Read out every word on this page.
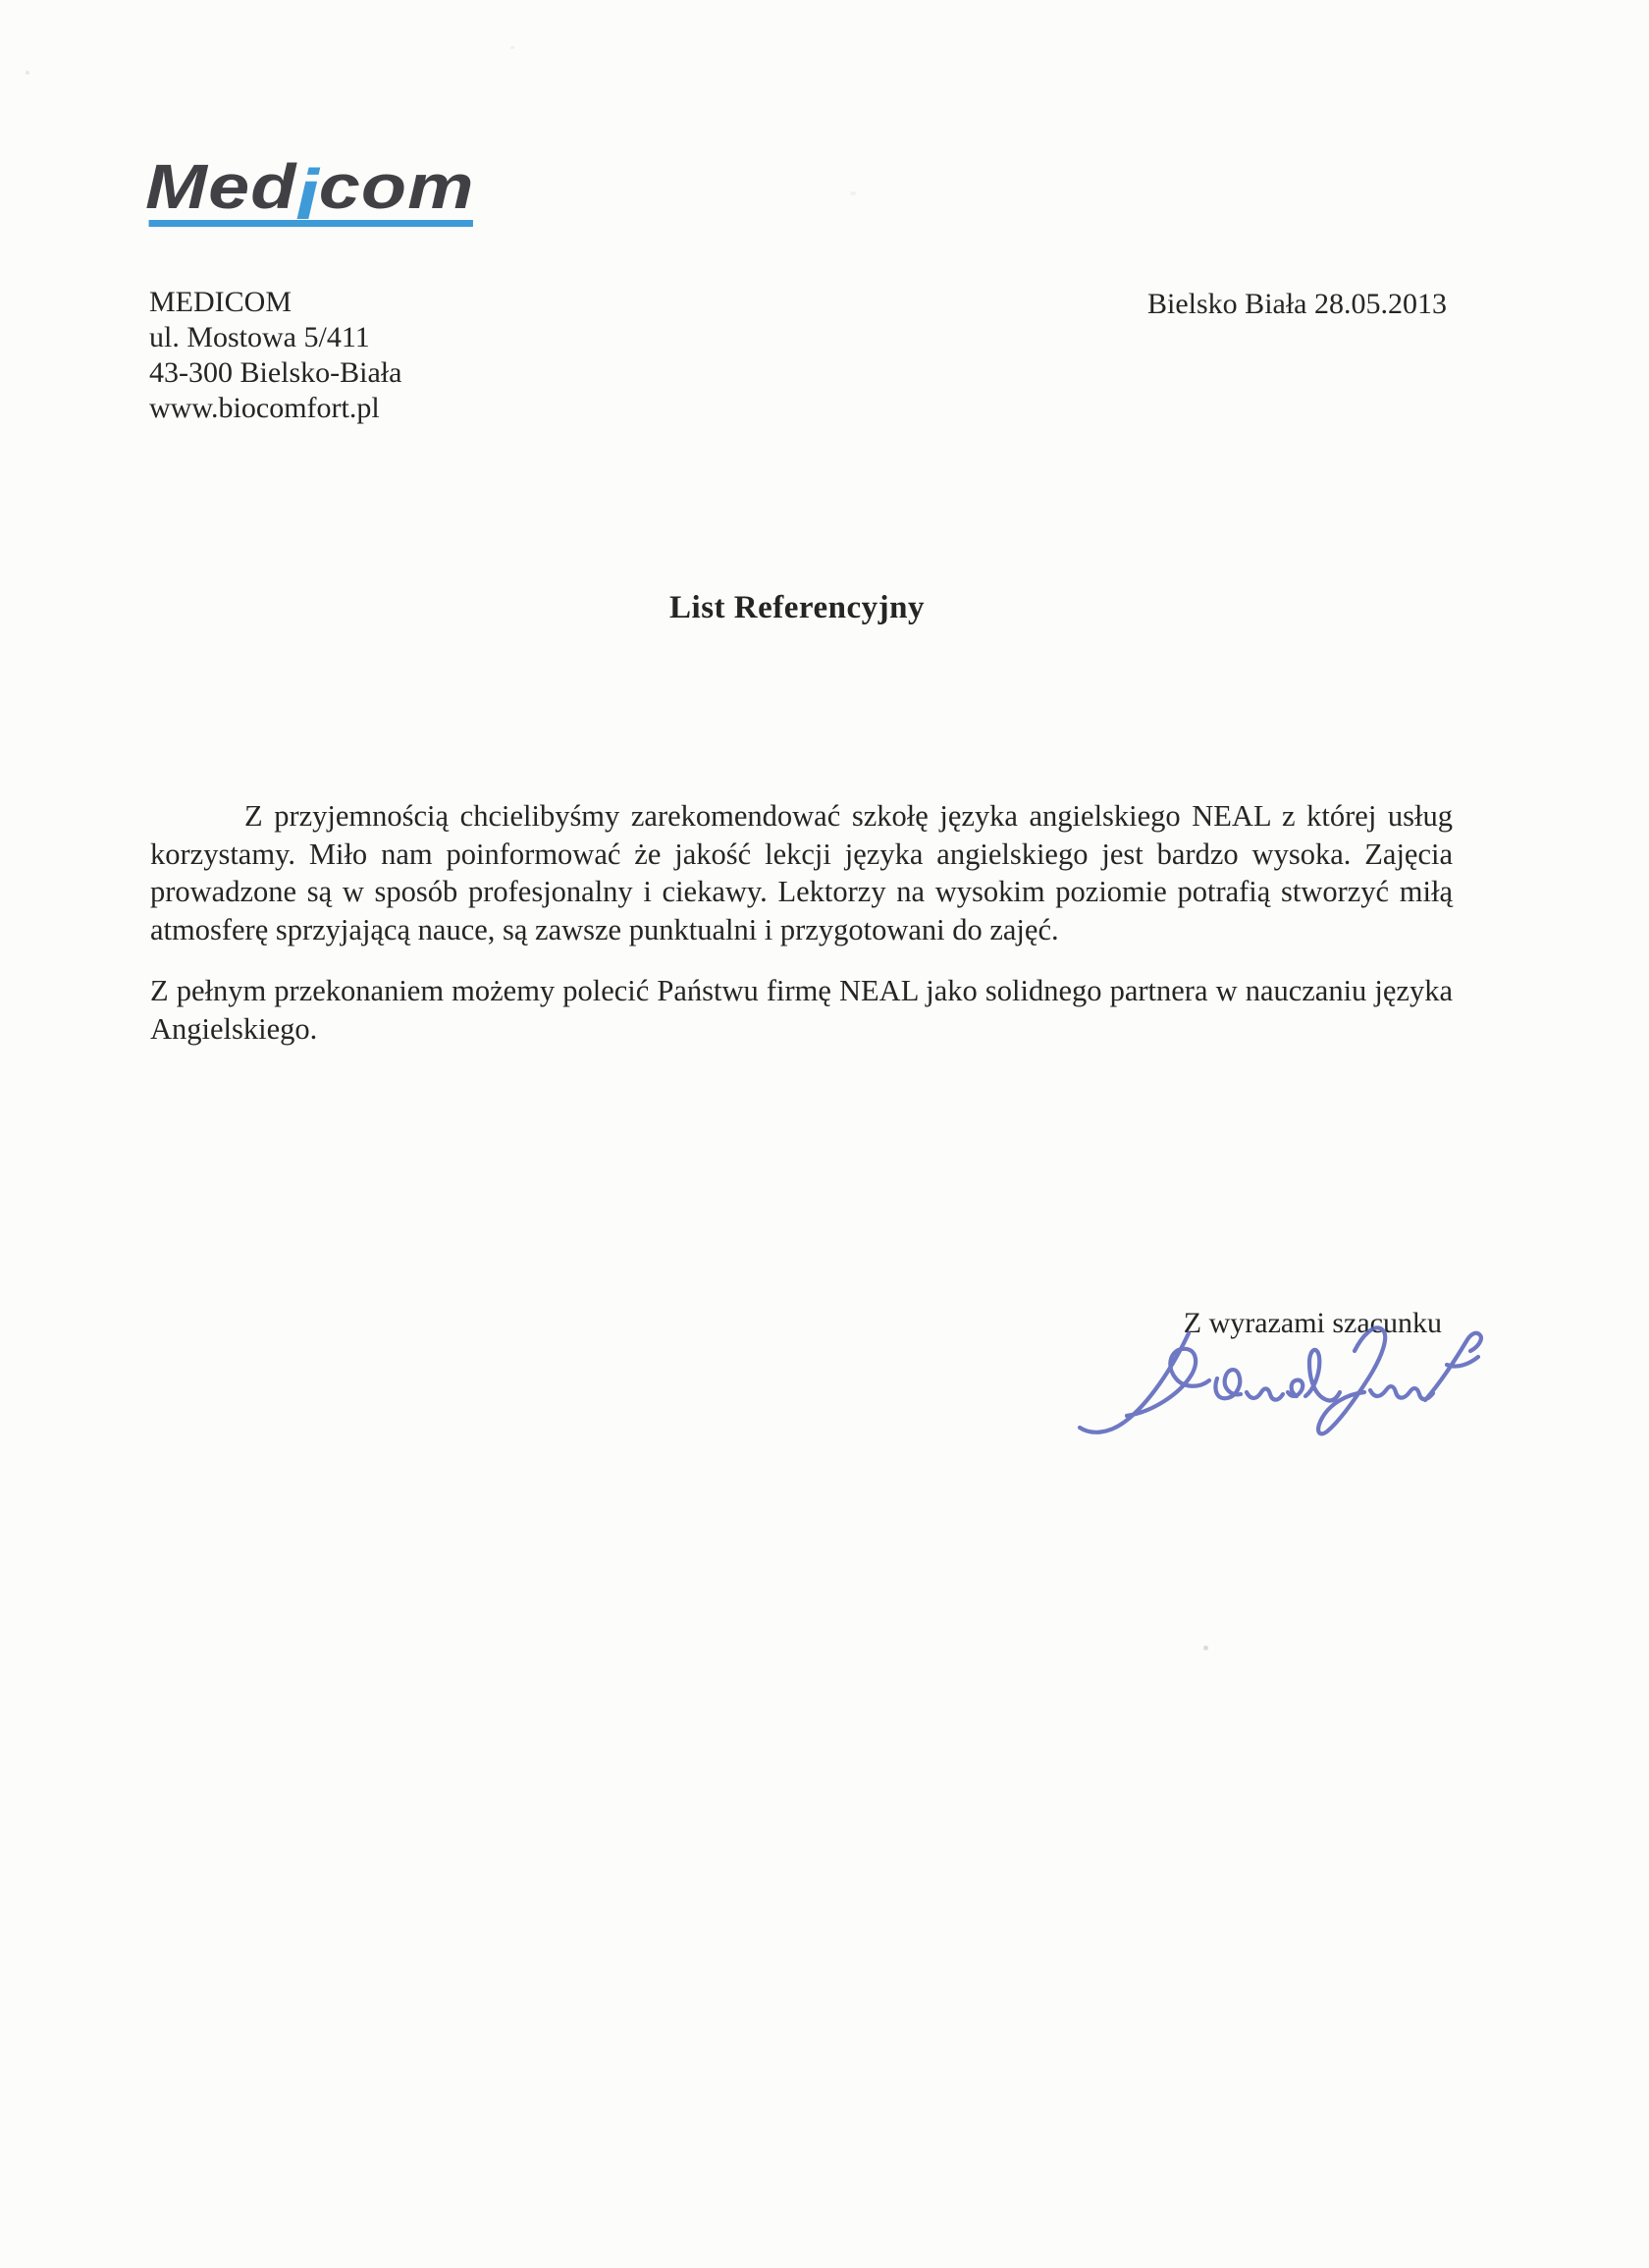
Medicom
MEDICOM
ul. Mostowa 5/411
43-300 Bielsko-Biała
www.biocomfort.pl
Bielsko Biała 28.05.2013
List Referencyjny

Z przyjemnością chcielibyśmy zarekomendować szkołę języka angielskiego NEAL z której usług korzystamy. Miło nam poinformować że jakość lekcji języka angielskiego jest bardzo wysoka. Zajęcia prowadzone są w sposób profesjonalny i ciekawy. Lektorzy na wysokim poziomie potrafią stworzyć miłą atmosferę sprzyjającą nauce, są zawsze punktualni i przygotowani do zajęć.

Z pełnym przekonaniem możemy polecić Państwu firmę NEAL jako solidnego partnera w nauczaniu języka Angielskiego.

Z wyrazami szacunku
